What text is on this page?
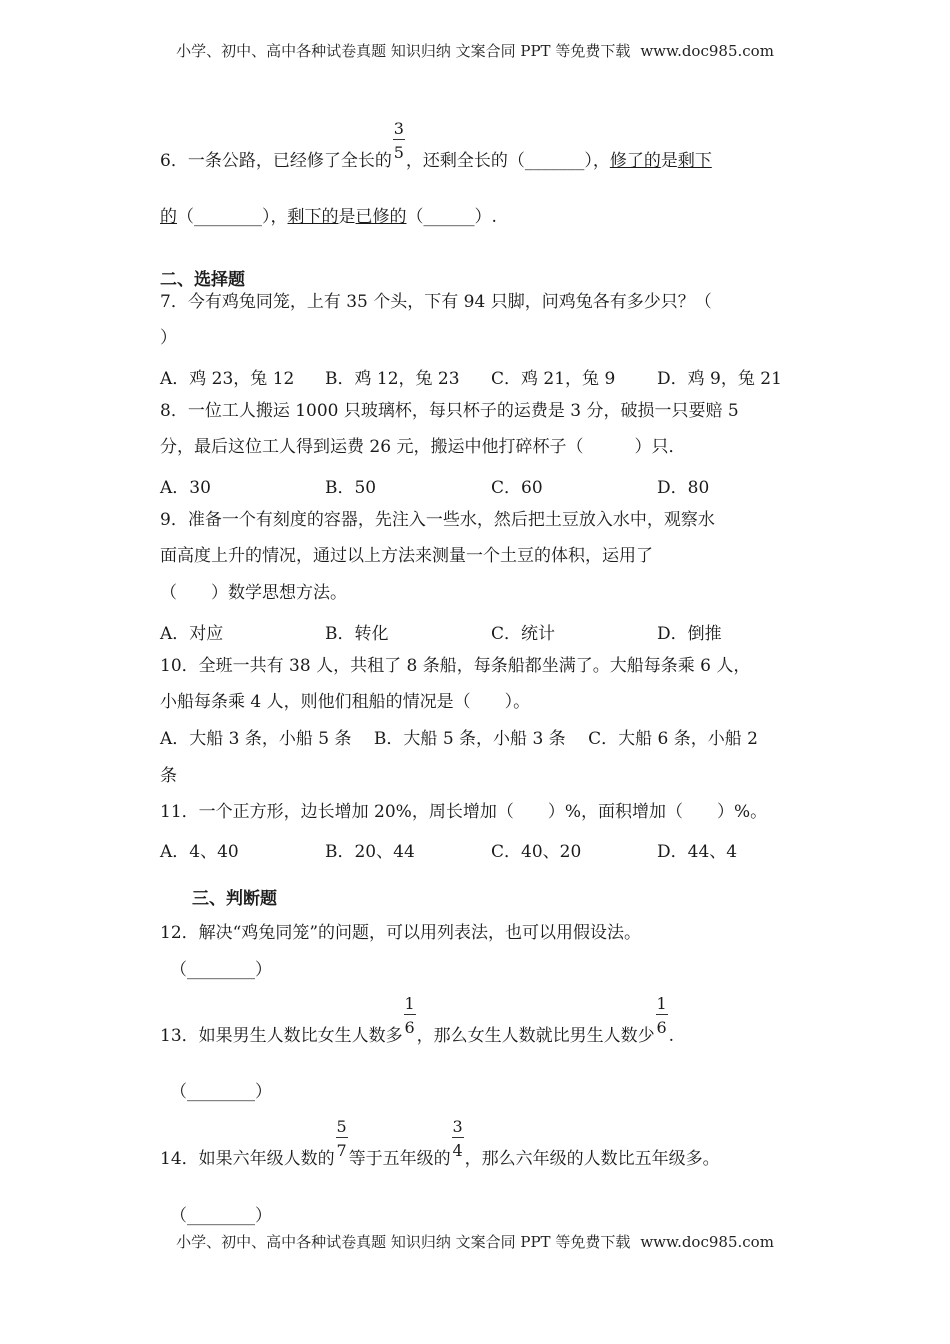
小学、初中、高中各种试卷真题 知识归纳 文案合同 PPT 等免费下载 www.doc985.com
6．一条公路，已经修了全长的 $\frac{3}{5}$ ，还剩全长的（_______），修了的是剩下
的（________），剩下的是已修的（______）.
二、选择题
7．今有鸡兔同笼，上有 35 个头，下有 94 只脚，问鸡兔各有多少只？（
）
A．鸡 23，兔 12 B．鸡 12，兔 23 C．鸡 21，兔 9 D．鸡 9，兔 21
8．一位工人搬运 1000 只玻璃杯，每只杯子的运费是 3 分，破损一只要赔 5
分，最后这位工人得到运费 26 元，搬运中他打碎杯子（　　　）只．
A．30	B．50	C．60	D．80
9．准备一个有刻度的容器，先注入一些水，然后把土豆放入水中，观察水
面高度上升的情况，通过以上方法来测量一个土豆的体积，运用了
（　　）数学思想方法。
A．对应	B．转化	C．统计	D．倒推
10．全班一共有 38 人，共租了 8 条船，每条船都坐满了。大船每条乘 6 人，
小船每条乘 4 人，则他们租船的情况是（　　）。
A．大船 3 条，小船 5 条　 B．大船 5 条，小船 3 条　 C．大船 6 条，小船 2
条
11．一个正方形，边长增加 20%，周长增加（　　）%，面积增加（　　）%。
A．4、40	B．20、44	C．40、20	D．44、4
三、判断题
12．解决“鸡兔同笼”的问题，可以用列表法，也可以用假设法。
（________）
13．如果男生人数比女生人数多 $\frac{1}{6}$ ，那么女生人数就比男生人数少 $\frac{1}{6}$ .
（________）
14．如果六年级人数的 $\frac{5}{7}$ 等于五年级的 $\frac{3}{4}$ ，那么六年级的人数比五年级多。
（________）
小学、初中、高中各种试卷真题 知识归纳 文案合同 PPT 等免费下载 www.doc985.com
